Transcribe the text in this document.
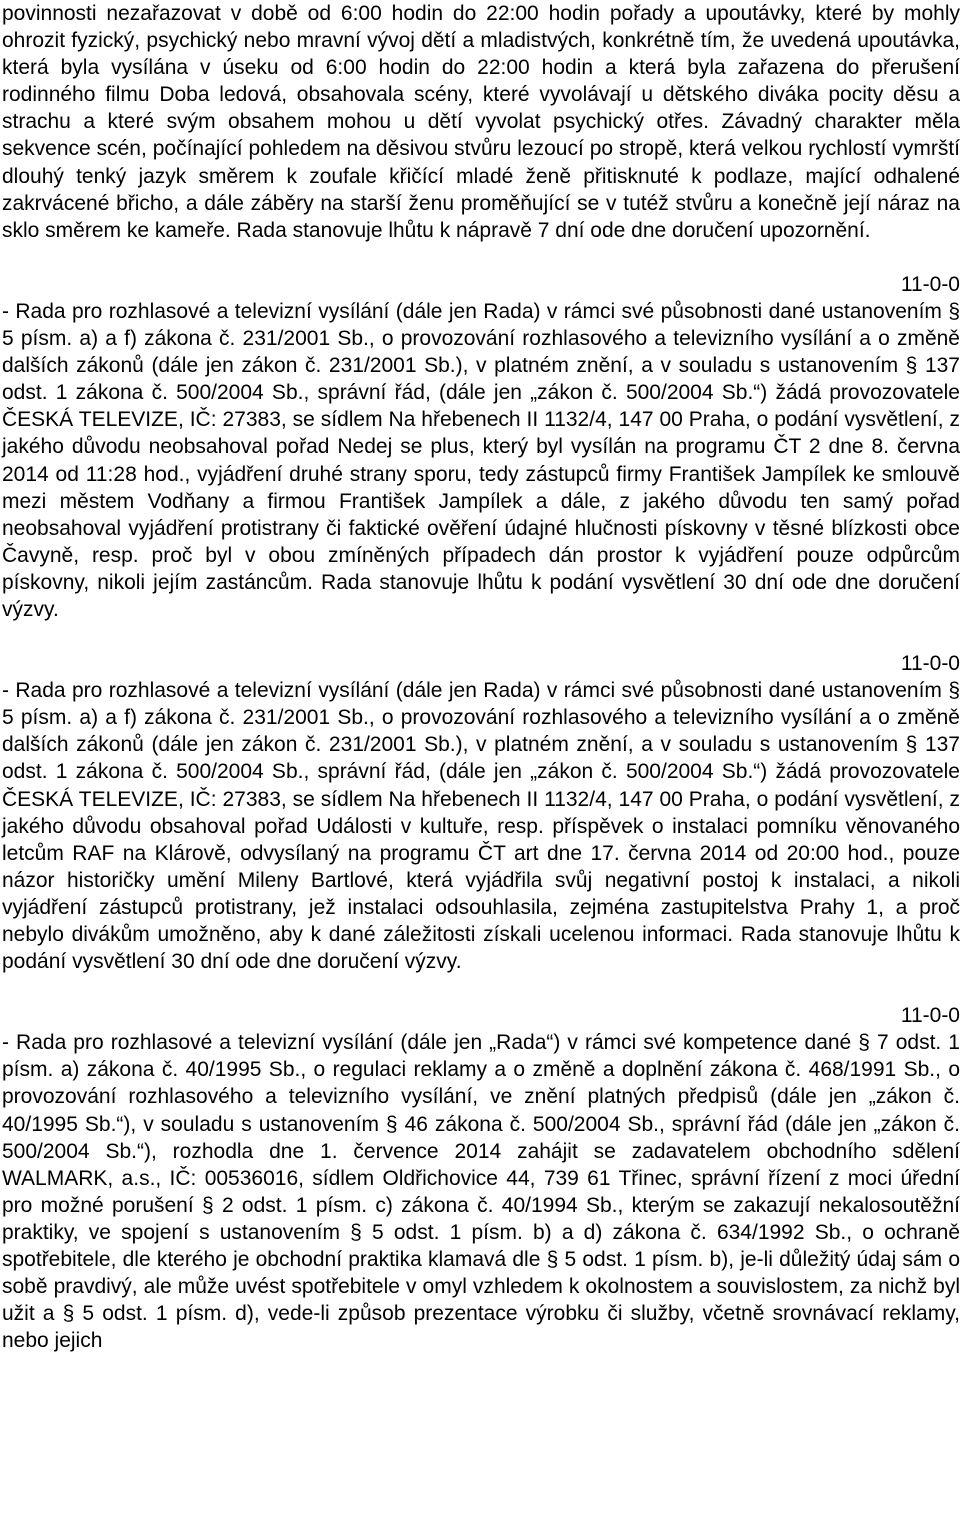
povinnosti nezařazovat v době od 6:00 hodin do 22:00 hodin pořady a upoutávky, které by mohly ohrozit fyzický, psychický nebo mravní vývoj dětí a mladistvých, konkrétně tím, že uvedená upoutávka, která byla vysílána v úseku od 6:00 hodin do 22:00 hodin a která byla zařazena do přerušení rodinného filmu Doba ledová, obsahovala scény, které vyvolávají u dětského diváka pocity děsu a strachu a které svým obsahem mohou u dětí vyvolat psychický otřes. Závadný charakter měla sekvence scén, počínající pohledem na děsivou stvůru lezoucí po stropě, která velkou rychlostí vymrští dlouhý tenký jazyk směrem k zoufale křičící mladé ženě přitisknuté k podlaze, mající odhalené zakrvácené břicho, a dále záběry na starší ženu proměňující se v tutéž stvůru a konečně její náraz na sklo směrem ke kameře. Rada stanovuje lhůtu k nápravě 7 dní ode dne doručení upozornění.

11-0-0

- Rada pro rozhlasové a televizní vysílání (dále jen Rada) v rámci své působnosti dané ustanovením § 5 písm. a) a f) zákona č. 231/2001 Sb., o provozování rozhlasového a televizního vysílání a o změně dalších zákonů (dále jen zákon č. 231/2001 Sb.), v platném znění, a v souladu s ustanovením § 137 odst. 1 zákona č. 500/2004 Sb., správní řád, (dále jen „zákon č. 500/2004 Sb.“) žádá provozovatele ČESKÁ TELEVIZE, IČ: 27383, se sídlem Na hřebenech II 1132/4, 147 00 Praha, o podání vysvětlení, z jakého důvodu neobsahoval pořad Nedej se plus, který byl vysílán na programu ČT 2 dne 8. června 2014 od 11:28 hod., vyjádření druhé strany sporu, tedy zástupců firmy František Jampílek ke smlouvě mezi městem Vodňany a firmou František Jampílek a dále, z jakého důvodu ten samý pořad neobsahoval vyjádření protistrany či faktické ověření údajné hlučnosti pískovny v těsné blízkosti obce Čavyně, resp. proč byl v obou zmíněných případech dán prostor k vyjádření pouze odpůrcům pískovny, nikoli jejím zastáncům. Rada stanovuje lhůtu k podání vysvětlení 30 dní ode dne doručení výzvy.

11-0-0

- Rada pro rozhlasové a televizní vysílání (dále jen Rada) v rámci své působnosti dané ustanovením § 5 písm. a) a f) zákona č. 231/2001 Sb., o provozování rozhlasového a televizního vysílání a o změně dalších zákonů (dále jen zákon č. 231/2001 Sb.), v platném znění, a v souladu s ustanovením § 137 odst. 1 zákona č. 500/2004 Sb., správní řád, (dále jen „zákon č. 500/2004 Sb.“) žádá provozovatele ČESKÁ TELEVIZE, IČ: 27383, se sídlem Na hřebenech II 1132/4, 147 00 Praha, o podání vysvětlení, z jakého důvodu obsahoval pořad Události v kultuře, resp. příspěvek o instalaci pomníku věnovaného letcům RAF na Klárově, odvysílaný na programu ČT art dne 17. června 2014 od 20:00 hod., pouze názor historičky umění Mileny Bartlové, která vyjádřila svůj negativní postoj k instalaci, a nikoli vyjádření zástupců protistrany, jež instalaci odsouhlasila, zejména zastupitelstva Prahy 1, a proč nebylo divákům umožněno, aby k dané záležitosti získali ucelenou informaci. Rada stanovuje lhůtu k podání vysvětlení 30 dní ode dne doručení výzvy.

11-0-0

- Rada pro rozhlasové a televizní vysílání (dále jen „Rada“) v rámci své kompetence dané § 7 odst. 1 písm. a) zákona č. 40/1995 Sb., o regulaci reklamy a o změně a doplnění zákona č. 468/1991 Sb., o provozování rozhlasového a televizního vysílání, ve znění platných předpisů (dále jen „zákon č. 40/1995 Sb.“), v souladu s ustanovením § 46 zákona č. 500/2004 Sb., správní řád (dále jen „zákon č. 500/2004 Sb.“), rozhodla dne 1. července 2014 zahájit se zadavatelem obchodního sdělení WALMARK, a.s., IČ: 00536016, sídlem Oldřichovice 44, 739 61 Třinec, správní řízení z moci úřední pro možné porušení § 2 odst. 1 písm. c) zákona č. 40/1994 Sb., kterým se zakazují nekalosoutěžní praktiky, ve spojení s ustanovením § 5 odst. 1 písm. b) a d) zákona č. 634/1992 Sb., o ochraně spotřebitele, dle kterého je obchodní praktika klamavá dle § 5 odst. 1 písm. b), je-li důležitý údaj sám o sobě pravdivý, ale může uvést spotřebitele v omyl vzhledem k okolnostem a souvislostem, za nichž byl užit a § 5 odst. 1 písm. d), vede-li způsob prezentace výrobku či služby, včetně srovnávací reklamy, nebo jejich
